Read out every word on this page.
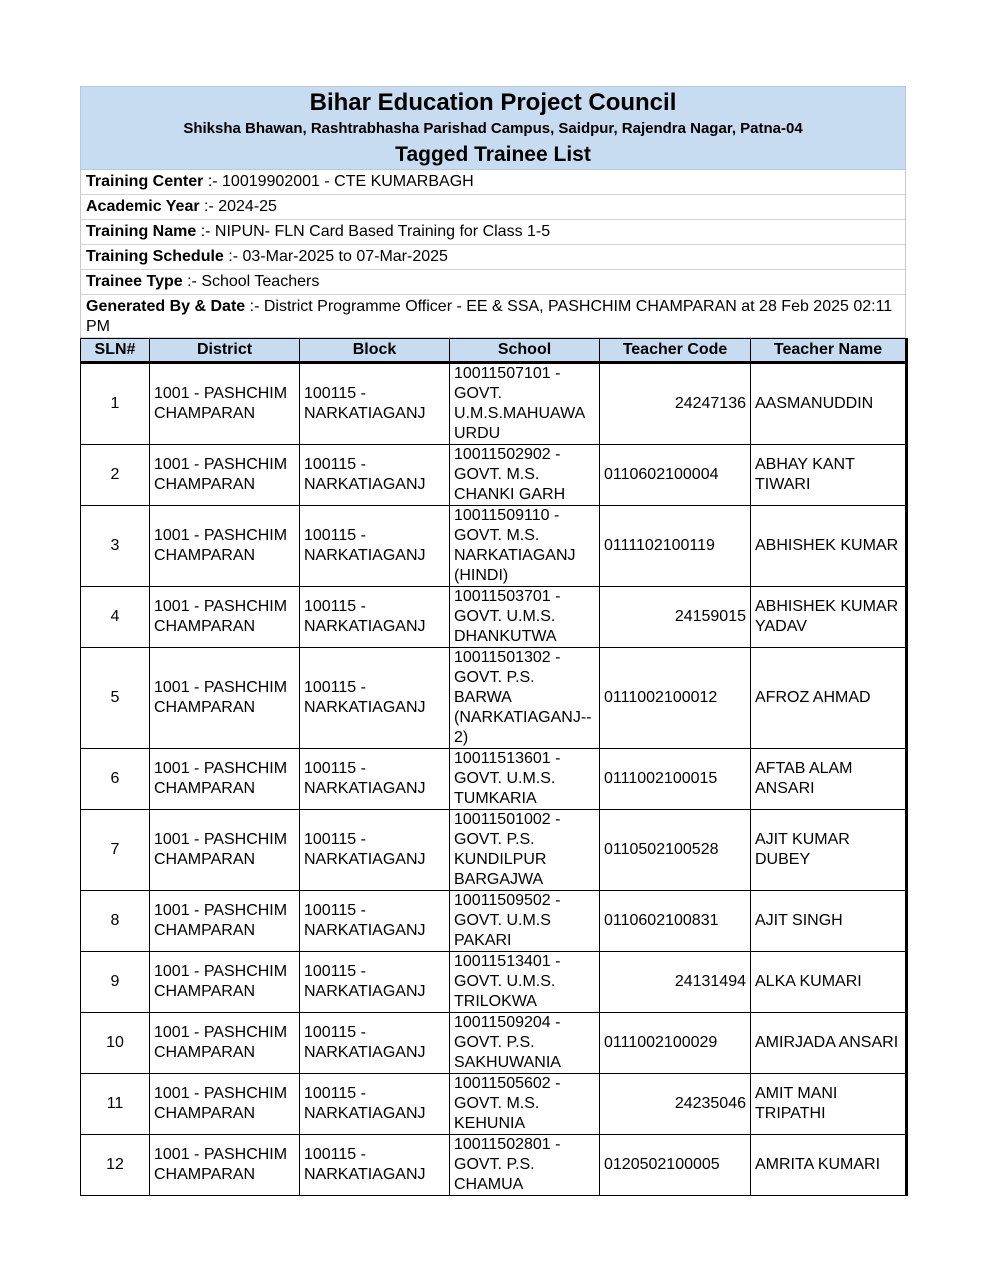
Bihar Education Project Council
Shiksha Bhawan, Rashtrabhasha Parishad Campus, Saidpur, Rajendra Nagar, Patna-04
Tagged Trainee List
Training Center :- 10019902001 - CTE KUMARBAGH
Academic Year :- 2024-25
Training Name :- NIPUN- FLN Card Based Training for Class 1-5
Training Schedule :- 03-Mar-2025 to 07-Mar-2025
Trainee Type :- School Teachers
Generated By & Date :- District Programme Officer - EE & SSA, PASHCHIM CHAMPARAN at 28 Feb 2025 02:11 PM
SLN#	District	Block	School	Teacher Code	Teacher Name
1	1001 - PASHCHIM CHAMPARAN	100115 - NARKATIAGANJ	10011507101 - GOVT. U.M.S.MAHUAWA URDU	24247136	AASMANUDDIN
2	1001 - PASHCHIM CHAMPARAN	100115 - NARKATIAGANJ	10011502902 - GOVT. M.S. CHANKI GARH	0110602100004	ABHAY KANT TIWARI
3	1001 - PASHCHIM CHAMPARAN	100115 - NARKATIAGANJ	10011509110 - GOVT. M.S. NARKATIAGANJ (HINDI)	0111102100119	ABHISHEK KUMAR
4	1001 - PASHCHIM CHAMPARAN	100115 - NARKATIAGANJ	10011503701 - GOVT. U.M.S. DHANKUTWA	24159015	ABHISHEK KUMAR YADAV
5	1001 - PASHCHIM CHAMPARAN	100115 - NARKATIAGANJ	10011501302 - GOVT. P.S. BARWA (NARKATIAGANJ-- 2)	0111002100012	AFROZ AHMAD
6	1001 - PASHCHIM CHAMPARAN	100115 - NARKATIAGANJ	10011513601 - GOVT. U.M.S. TUMKARIA	0111002100015	AFTAB ALAM ANSARI
7	1001 - PASHCHIM CHAMPARAN	100115 - NARKATIAGANJ	10011501002 - GOVT. P.S. KUNDILPUR BARGAJWA	0110502100528	AJIT KUMAR DUBEY
8	1001 - PASHCHIM CHAMPARAN	100115 - NARKATIAGANJ	10011509502 - GOVT. U.M.S PAKARI	0110602100831	AJIT SINGH
9	1001 - PASHCHIM CHAMPARAN	100115 - NARKATIAGANJ	10011513401 - GOVT. U.M.S. TRILOKWA	24131494	ALKA KUMARI
10	1001 - PASHCHIM CHAMPARAN	100115 - NARKATIAGANJ	10011509204 - GOVT. P.S. SAKHUWANIA	0111002100029	AMIRJADA ANSARI
11	1001 - PASHCHIM CHAMPARAN	100115 - NARKATIAGANJ	10011505602 - GOVT. M.S. KEHUNIA	24235046	AMIT MANI TRIPATHI
12	1001 - PASHCHIM CHAMPARAN	100115 - NARKATIAGANJ	10011502801 - GOVT. P.S. CHAMUA	0120502100005	AMRITA KUMARI
